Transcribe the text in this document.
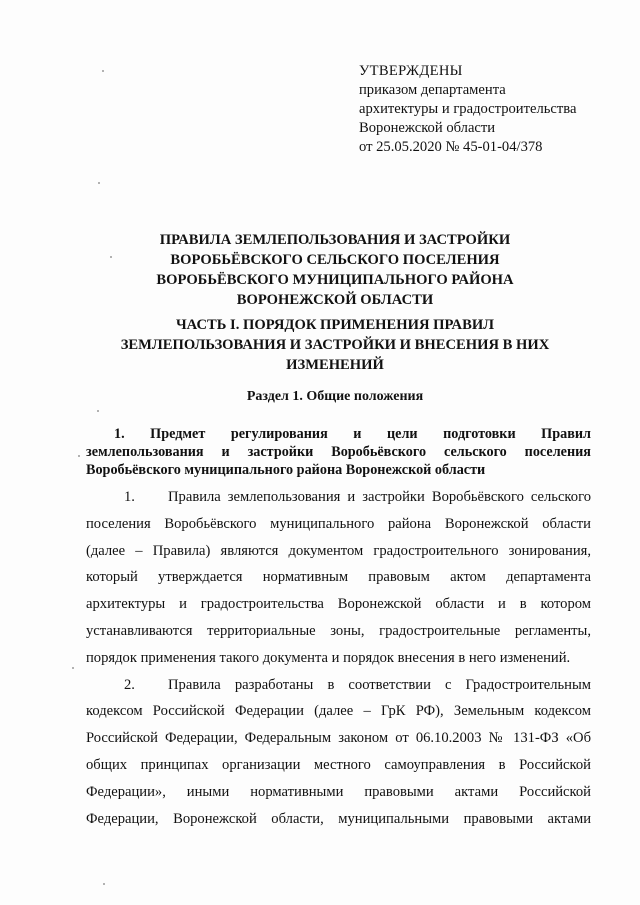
УТВЕРЖДЕНЫ
приказом департамента
архитектуры и градостроительства
Воронежской области
от 25.05.2020 № 45-01-04/378
ПРАВИЛА ЗЕМЛЕПОЛЬЗОВАНИЯ И ЗАСТРОЙКИ
ВОРОБЬЁВСКОГО СЕЛЬСКОГО ПОСЕЛЕНИЯ
ВОРОБЬЁВСКОГО МУНИЦИПАЛЬНОГО РАЙОНА
ВОРОНЕЖСКОЙ ОБЛАСТИ
ЧАСТЬ I. ПОРЯДОК ПРИМЕНЕНИЯ ПРАВИЛ
ЗЕМЛЕПОЛЬЗОВАНИЯ И ЗАСТРОЙКИ И ВНЕСЕНИЯ В НИХ
ИЗМЕНЕНИЙ
Раздел 1. Общие положения
1. Предмет регулирования и цели подготовки Правил
землепользования и застройки Воробьёвского сельского поселения
Воробьёвского муниципального района Воронежской области
1. Правила землепользования и застройки Воробьёвского сельского
поселения Воробьёвского муниципального района Воронежской области
(далее – Правила) являются документом градостроительного зонирования,
который утверждается нормативным правовым актом департамента
архитектуры и градостроительства Воронежской области и в котором
устанавливаются территориальные зоны, градостроительные регламенты,
порядок применения такого документа и порядок внесения в него изменений.
2. Правила разработаны в соответствии с Градостроительным
кодексом Российской Федерации (далее – ГрК РФ), Земельным кодексом
Российской Федерации, Федеральным законом от 06.10.2003 № 131-ФЗ «Об
общих принципах организации местного самоуправления в Российской
Федерации», иными нормативными правовыми актами Российской
Федерации, Воронежской области, муниципальными правовыми актами
